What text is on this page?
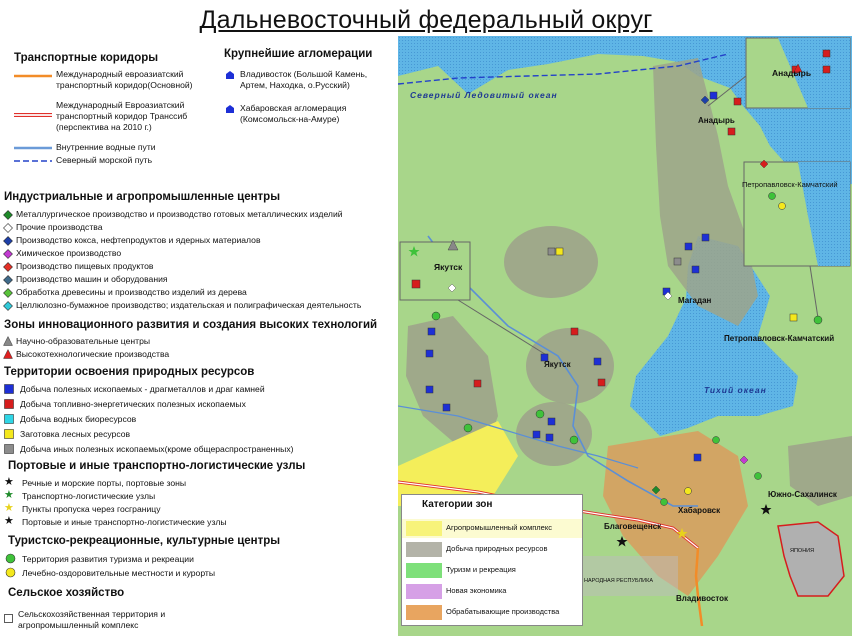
Дальневосточный федеральный округ
Транспортные коридоры
Международный евроазиатский
транспортный коридор(Основной)
Международный Евроазиатский
транспортный коридор Транссиб
(перспектива на 2010 г.)
Внутренние водные пути
Северный морской путь
Крупнейшие агломерации
Владивосток (Большой Камень,
Артем, Находка, о.Русский)
Хабаровская агломерация
(Комсомольск-на-Амуре)
Индустриальные и агропромышленные центры
Металлургическое производство и производство готовых металлических изделий
Прочие производства
Производство кокса, нефтепродуктов и ядерных материалов
Химическое производство
Производство пищевых продуктов
Производство машин и оборудования
Обработка древесины и производство изделий из дерева
Целлюлозно-бумажное производство; издательская и полиграфическая деятельность
Зоны инновационного развития и создания высоких технологий
Научно-образовательные центры
Высокотехнологические производства
Территории освоения природных ресурсов
Добыча полезных ископаемых - драгметаллов и драг камней
Добыча топливно-энергетических полезных ископаемых
Добыча водных биоресурсов
Заготовка лесных ресурсов
Добыча иных полезных ископаемых(кроме общераспространенных)
Портовые и иные транспортно-логистические узлы
★ Речные и морские порты, портовые зоны
★ Транспортно-логистические узлы
★ Пункты пропуска через госграницу
★ Портовые и иные транспортно-логистические узлы
Туристско-рекреационные, культурные центры
Территория развития туризма и рекреации
Лечебно-оздоровительные местности и курорты
Сельское хозяйство
Сельскохозяйственная территория и
агропромышленный комплекс
Северный Ледовитый океан
Тихий океан
Анадырь
Анадырь
Петропавловск-Камчатский
Якутск
Якутск
Магадан
Петропавловск-Камчатский
Южно-Сахалинск
Хабаровск
Благовещенск
Владивосток
НАРОДНАЯ РЕСПУБЛИКА
ЯПОНИЯ
Категории зон
Агропромышленный комплекс
Добыча природных ресурсов
Туризм и рекреация
Новая экономика
Обрабатывающие производства
